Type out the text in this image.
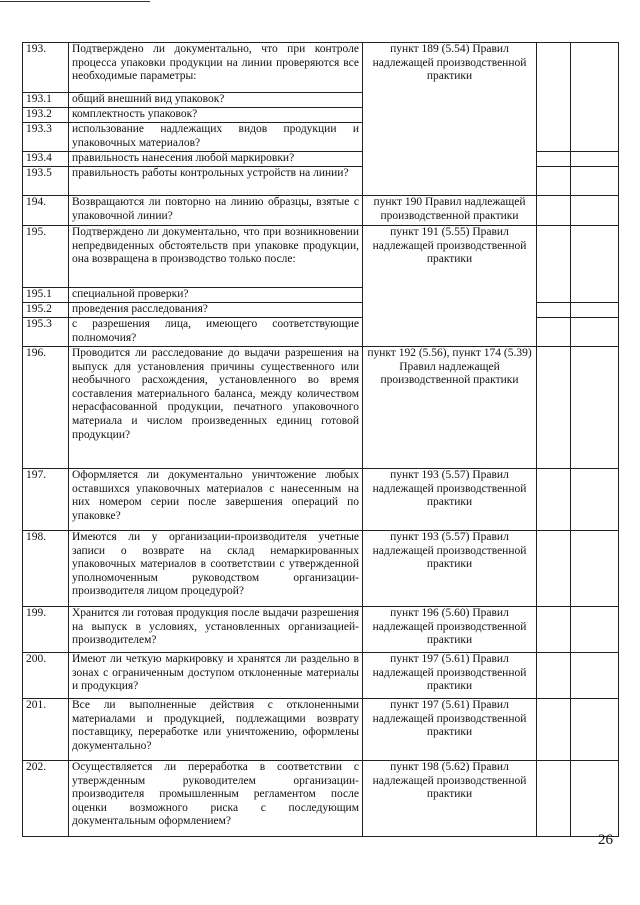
193.	Подтверждено ли документально, что при контроле процесса упаковки продукции на линии проверяются все необходимые параметры:	пункт 189 (5.54) Правил надлежащей производственной практики		
193.1	общий внешний вид упаковок?			
193.2	комплектность упаковок?			
193.3	использование надлежащих видов продукции и упаковочных материалов?			
193.4	правильность нанесения любой маркировки?			
193.5	правильность работы контрольных устройств на линии?			
194.	Возвращаются ли повторно на линию образцы, взятые с упаковочной линии?	пункт 190 Правил надлежащей производственной практики		
195.	Подтверждено ли документально, что при возникновении непредвиденных обстоятельств при упаковке продукции, она возвращена в производство только после:	пункт 191 (5.55) Правил надлежащей производственной практики		
195.1	специальной проверки?			
195.2	проведения расследования?			
195.3	с разрешения лица, имеющего соответствующие полномочия?			
196.	Проводится ли расследование до выдачи разрешения на выпуск для установления причины существенного или необычного расхождения, установленного во время составления материального баланса, между количеством нерасфасованной продукции, печатного упаковочного материала и числом произведенных единиц готовой продукции?	пункт 192 (5.56), пункт 174 (5.39) Правил надлежащей производственной практики		
197.	Оформляется ли документально уничтожение любых оставшихся упаковочных материалов с нанесенным на них номером серии после завершения операций по упаковке?	пункт 193 (5.57) Правил надлежащей производственной практики		
198.	Имеются ли у организации-производителя учетные записи о возврате на склад немаркированных упаковочных материалов в соответствии с утвержденной уполномоченным руководством организации-производителя лицом процедурой?	пункт 193 (5.57) Правил надлежащей производственной практики		
199.	Хранится ли готовая продукция после выдачи разрешения на выпуск в условиях, установленных организацией-производителем?	пункт 196 (5.60) Правил надлежащей производственной практики		
200.	Имеют ли четкую маркировку и хранятся ли раздельно в зонах с ограниченным доступом отклоненные материалы и продукция?	пункт 197 (5.61) Правил надлежащей производственной практики		
201.	Все ли выполненные действия с отклоненными материалами и продукцией, подлежащими возврату поставщику, переработке или уничтожению, оформлены документально?	пункт 197 (5.61) Правил надлежащей производственной практики		
202.	Осуществляется ли переработка в соответствии с утвержденным руководителем организации-производителя промышленным регламентом после оценки возможного риска с последующим документальным оформлением?	пункт 198 (5.62) Правил надлежащей производственной практики		
26
